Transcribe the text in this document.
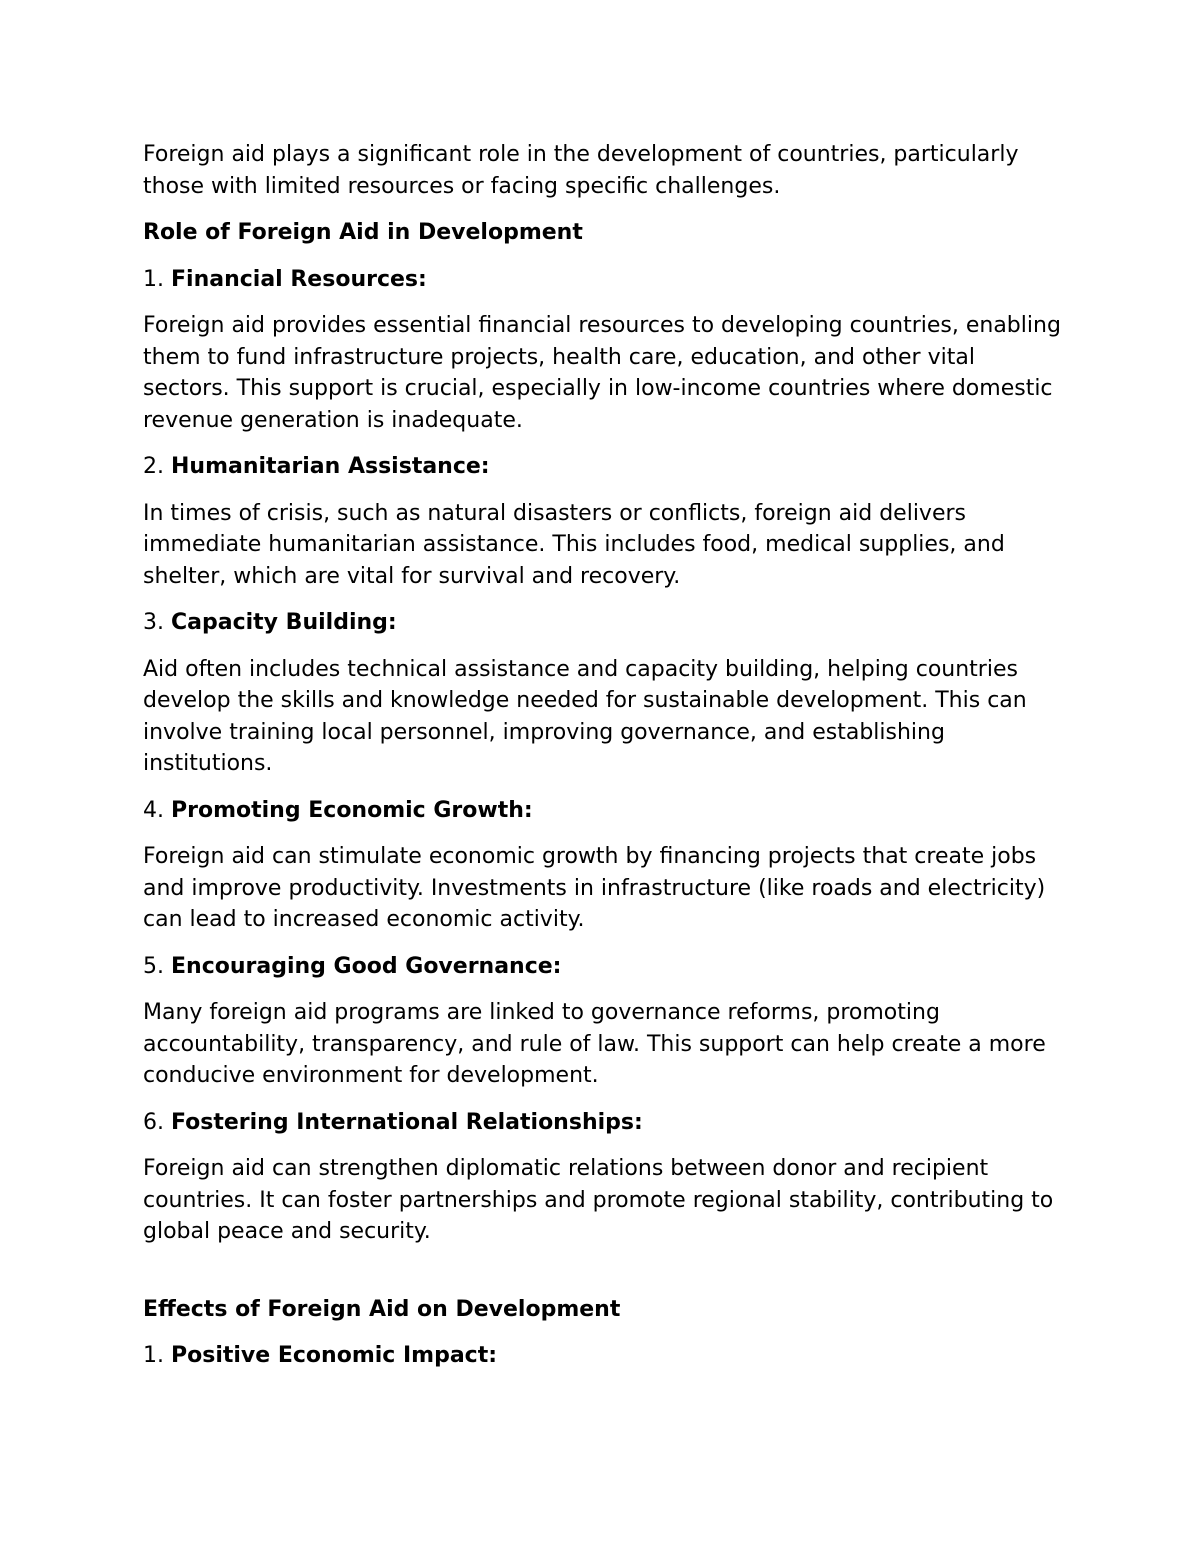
Foreign aid plays a significant role in the development of countries, particularly those with limited resources or facing specific challenges.

Role of Foreign Aid in Development

1. Financial Resources:

Foreign aid provides essential financial resources to developing countries, enabling them to fund infrastructure projects, health care, education, and other vital sectors. This support is crucial, especially in low-income countries where domestic revenue generation is inadequate.

2. Humanitarian Assistance:

In times of crisis, such as natural disasters or conflicts, foreign aid delivers immediate humanitarian assistance. This includes food, medical supplies, and shelter, which are vital for survival and recovery.

3. Capacity Building:

Aid often includes technical assistance and capacity building, helping countries develop the skills and knowledge needed for sustainable development. This can involve training local personnel, improving governance, and establishing institutions.

4. Promoting Economic Growth:

Foreign aid can stimulate economic growth by financing projects that create jobs and improve productivity. Investments in infrastructure (like roads and electricity) can lead to increased economic activity.

5. Encouraging Good Governance:

Many foreign aid programs are linked to governance reforms, promoting accountability, transparency, and rule of law. This support can help create a more conducive environment for development.

6. Fostering International Relationships:

Foreign aid can strengthen diplomatic relations between donor and recipient countries. It can foster partnerships and promote regional stability, contributing to global peace and security.

Effects of Foreign Aid on Development

1. Positive Economic Impact:
